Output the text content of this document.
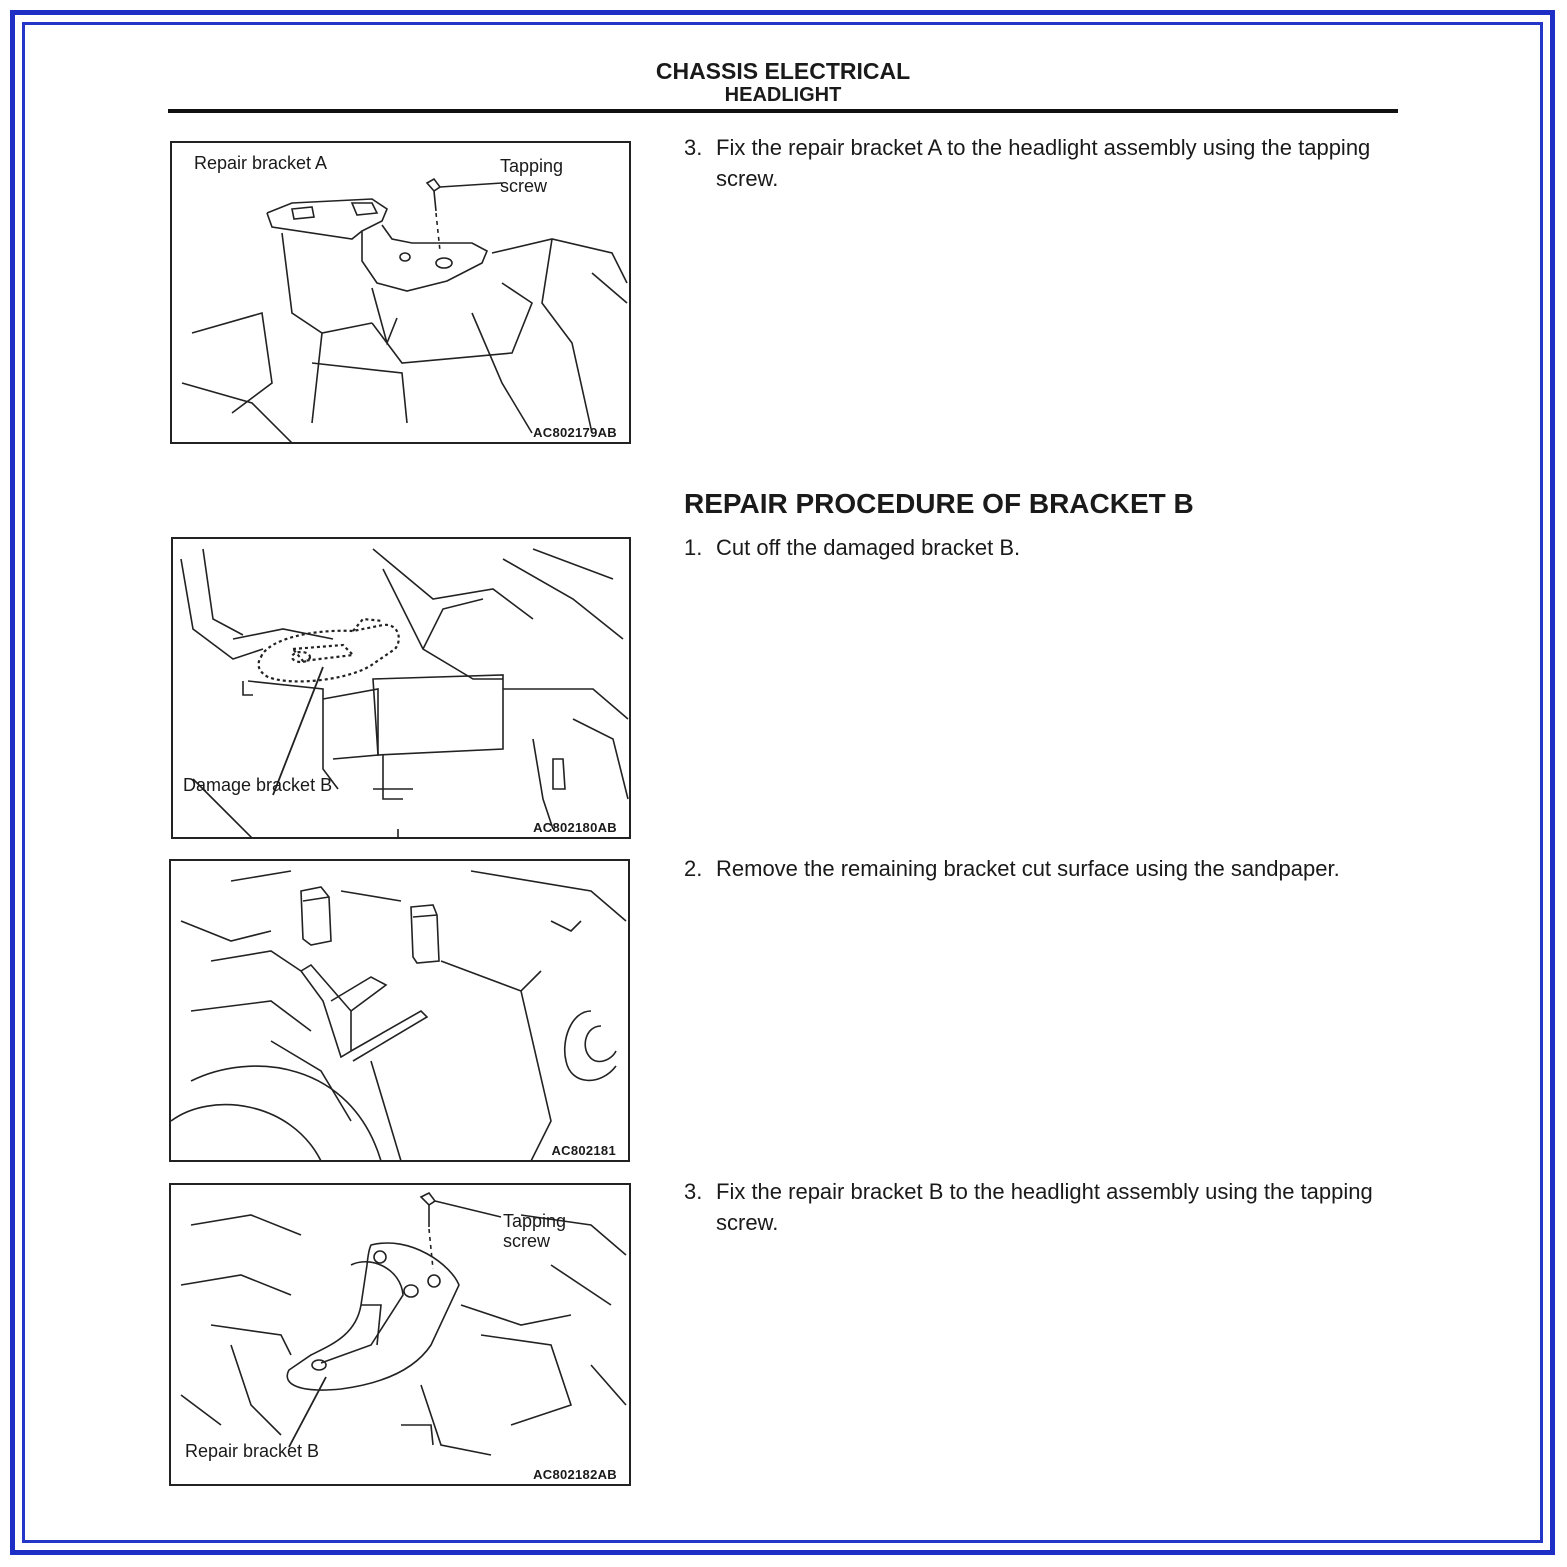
CHASSIS ELECTRICAL
HEADLIGHT
Repair bracket A	Tapping
screw
AC802179AB
3. Fix the repair bracket A to the headlight assembly using the tapping screw.
REPAIR PROCEDURE OF BRACKET B
Damage bracket B
AC802180AB
1. Cut off the damaged bracket B.
AC802181
2. Remove the remaining bracket cut surface using the sandpaper.
Repair bracket B
Tapping
screw
AC802182AB
3. Fix the repair bracket B to the headlight assembly using the tapping screw.
